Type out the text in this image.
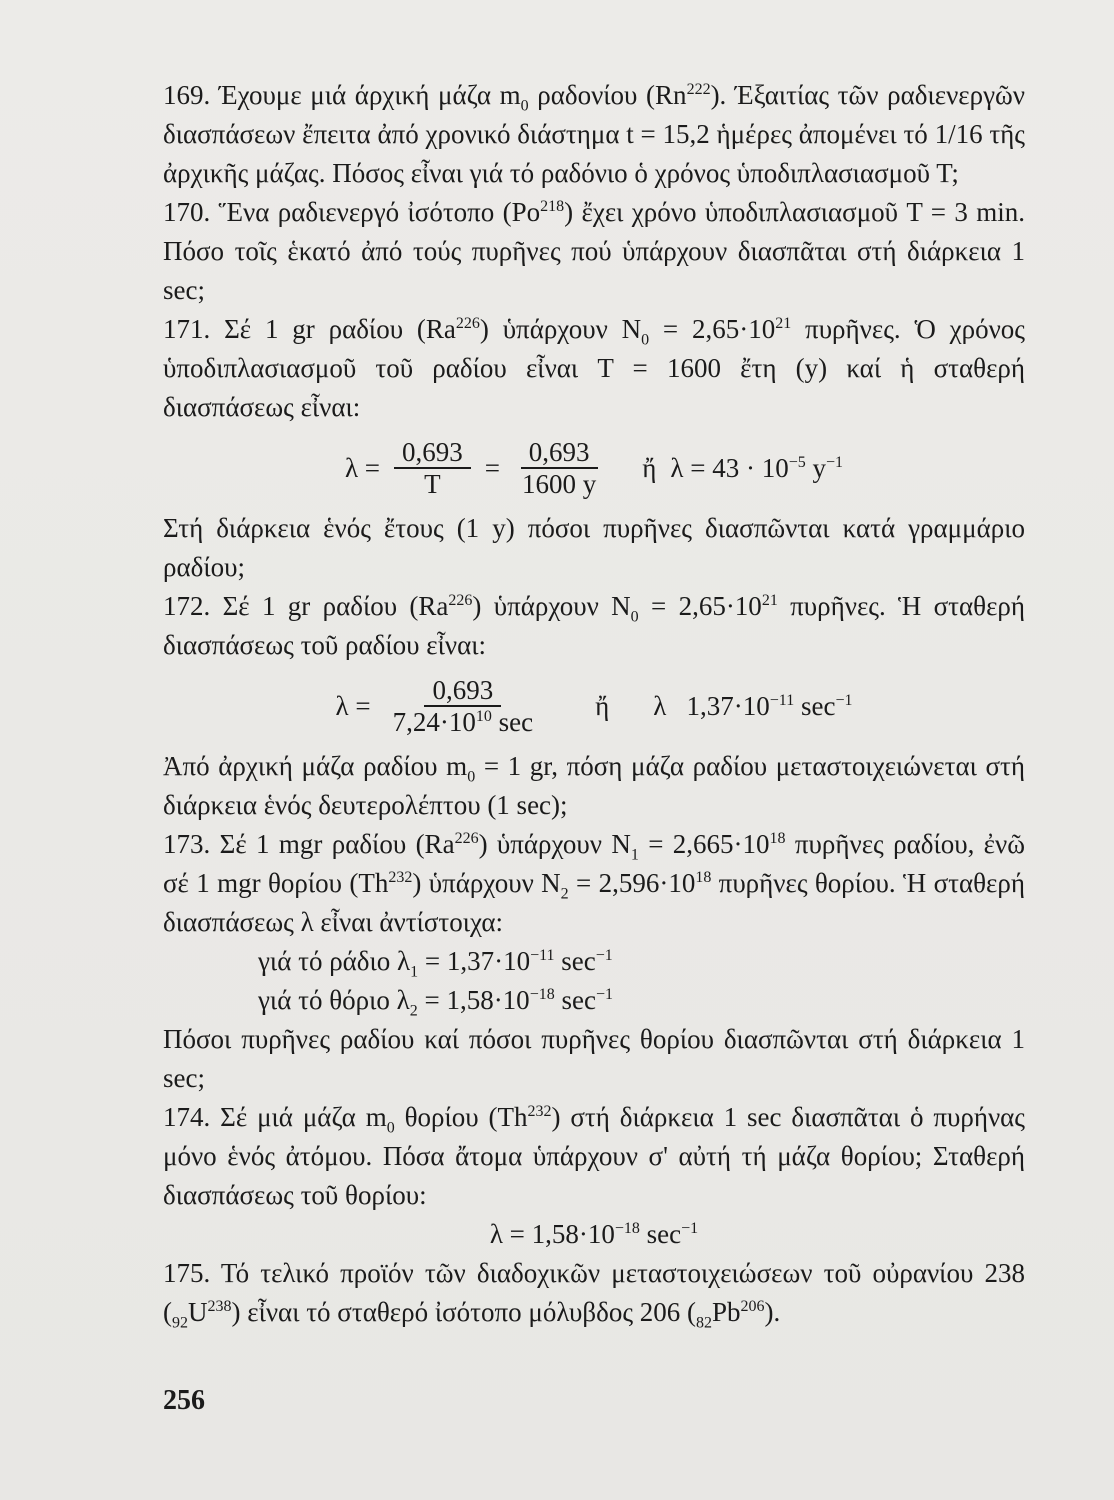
169. Έχουμε μιά άρχική μάζα $m_0$ ραδονίου (Rn$^{222}$). Έξαιτίας τῶν ραδιενεργῶν διασπάσεων ἔπειτα ἀπό χρονικό διάστημα t = 15,2 ἡμέρες ἀπομένει τό 1/16 τῆς ἀρχικῆς μάζας. Πόσος εἶναι γιά τό ραδόνιο ὁ χρόνος ὑποδιπλασιασμοῦ Τ;

170. Ἕνα ραδιενεργό ἰσότοπο (Po$^{218}$) ἔχει χρόνο ὑποδιπλασιασμοῦ T = 3 min. Πόσο τοῖς ἑκατό ἀπό τούς πυρῆνες πού ὑπάρχουν διασπᾶται στή διάρκεια 1 sec;

171. Σέ 1 gr ραδίου (Ra$^{226}$) ὑπάρχουν $N_0 = 2,65\cdot 10^{21}$ πυρῆνες. Ὁ χρόνος ὑποδιπλασιασμοῦ τοῦ ραδίου εἶναι T = 1600 ἔτη (y) καί ἡ σταθερή διασπάσεως εἶναι:

$\lambda = \frac{0,693}{T} = \frac{0,693}{1600 y}$ ἤ $\lambda = 43 \cdot 10^{-5}$ $y^{-1}$

Στή διάρκεια ἑνός ἔτους (1 y) πόσοι πυρῆνες διασπῶνται κατά γραμμάριο ραδίου;

172. Σέ 1 gr ραδίου (Ra$^{226}$) ὑπάρχουν $N_0 = 2,65\cdot 10^{21}$ πυρῆνες. Ἡ σταθερή διασπάσεως τοῦ ραδίου εἶναι:

$\lambda = \frac{0,693}{7,24\cdot 10^{10} \sec}$ ἤ λ   $1,37\cdot 10^{-11}$ $\sec^{-1}$

Ἀπό ἀρχική μάζα ραδίου $m_0 = 1$ gr, πόση μάζα ραδίου μεταστοιχειώνεται στή διάρκεια ἑνός δευτερολέπτου (1 sec);

173. Σέ 1 mgr ραδίου (Ra$^{226}$) ὑπάρχουν $N_1 = 2,665\cdot 10^{18}$ πυρῆνες ραδίου, ἐνῶ σέ 1 mgr θορίου (Th$^{232}$) ὑπάρχουν $N_2 = 2,596\cdot 10^{18}$ πυρῆνες θορίου. Ἡ σταθερή διασπάσεως λ εἶναι ἀντίστοιχα:

γιά τό ράδιο $\lambda_1 = 1,37\cdot 10^{-11}$ $\sec^{-1}$

γιά τό θόριο $\lambda_2 = 1,58\cdot 10^{-18}$ $\sec^{-1}$

Πόσοι πυρῆνες ραδίου καί πόσοι πυρῆνες θορίου διασπῶνται στή διάρκεια 1 sec;

174. Σέ μιά μάζα $m_0$ θορίου (Th$^{232}$) στή διάρκεια 1 sec διασπᾶται ὁ πυρήνας μόνο ἑνός ἀτόμου. Πόσα ἄτομα ὑπάρχουν σ' αὐτή τή μάζα θορίου; Σταθερή διασπάσεως τοῦ θορίου:

$\lambda = 1,58\cdot 10^{-18}$ $\sec^{-1}$

175. Τό τελικό προϊόν τῶν διαδοχικῶν μεταστοιχειώσεων τοῦ οὐρανίου 238 $(_{92}U^{238})$ εἶναι τό σταθερό ἰσότοπο μόλυβδος 206 $(_{82}Pb^{206})$.

256
